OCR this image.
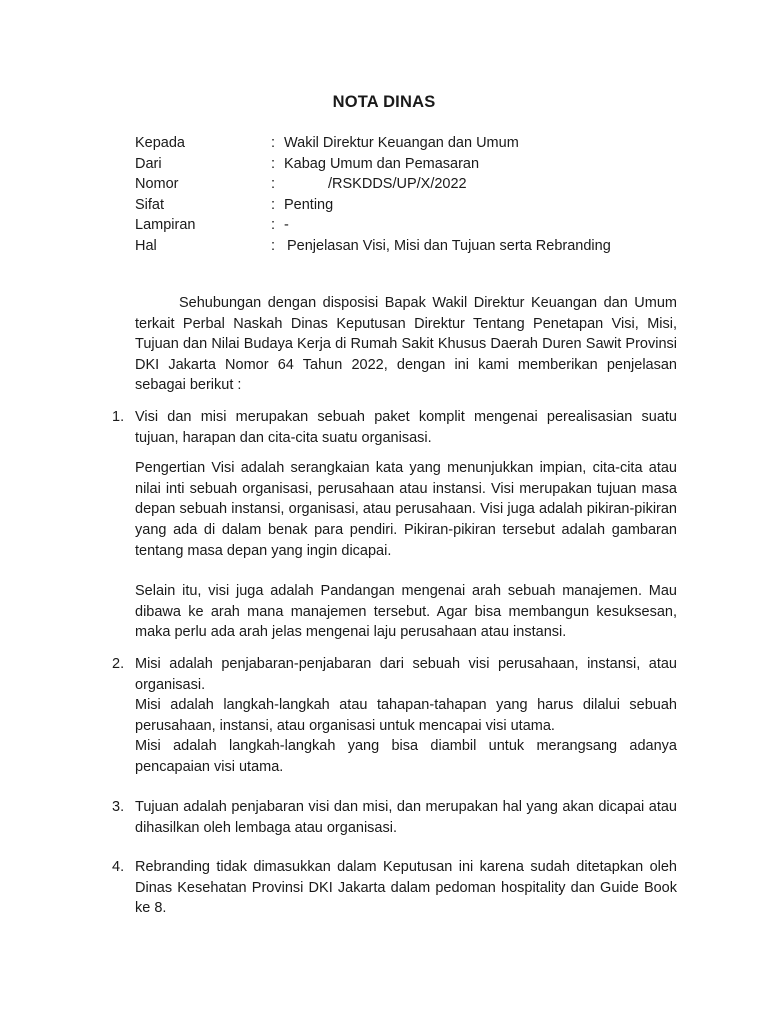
NOTA DINAS
Kepada	: Wakil Direktur Keuangan dan Umum
Dari	: Kabag Umum dan Pemasaran
Nomor	:	/RSKDDS/UP/X/2022
Sifat	: Penting
Lampiran	: -
Hal	: Penjelasan Visi, Misi dan Tujuan serta Rebranding

Sehubungan dengan disposisi Bapak Wakil Direktur Keuangan dan Umum terkait Perbal Naskah Dinas Keputusan Direktur Tentang Penetapan Visi, Misi, Tujuan dan Nilai Budaya Kerja di Rumah Sakit Khusus Daerah Duren Sawit Provinsi DKI Jakarta Nomor 64 Tahun 2022, dengan ini kami memberikan penjelasan sebagai berikut :

1. Visi dan misi merupakan sebuah paket komplit mengenai perealisasian suatu tujuan, harapan dan cita-cita suatu organisasi.

Pengertian Visi adalah serangkaian kata yang menunjukkan impian, cita-cita atau nilai inti sebuah organisasi, perusahaan atau instansi. Visi merupakan tujuan masa depan sebuah instansi, organisasi, atau perusahaan. Visi juga adalah pikiran-pikiran yang ada di dalam benak para pendiri. Pikiran-pikiran tersebut adalah gambaran tentang masa depan yang ingin dicapai.

Selain itu, visi juga adalah Pandangan mengenai arah sebuah manajemen. Mau dibawa ke arah mana manajemen tersebut. Agar bisa membangun kesuksesan, maka perlu ada arah jelas mengenai laju perusahaan atau instansi.

2. Misi adalah penjabaran-penjabaran dari sebuah visi perusahaan, instansi, atau organisasi.

Misi adalah langkah-langkah atau tahapan-tahapan yang harus dilalui sebuah perusahaan, instansi, atau organisasi untuk mencapai visi utama.

Misi adalah langkah-langkah yang bisa diambil untuk merangsang adanya pencapaian visi utama.

3. Tujuan adalah penjabaran visi dan misi, dan merupakan hal yang akan dicapai atau dihasilkan oleh lembaga atau organisasi.

4. Rebranding tidak dimasukkan dalam Keputusan ini karena sudah ditetapkan oleh Dinas Kesehatan Provinsi DKI Jakarta dalam pedoman hospitality dan Guide Book ke 8.
